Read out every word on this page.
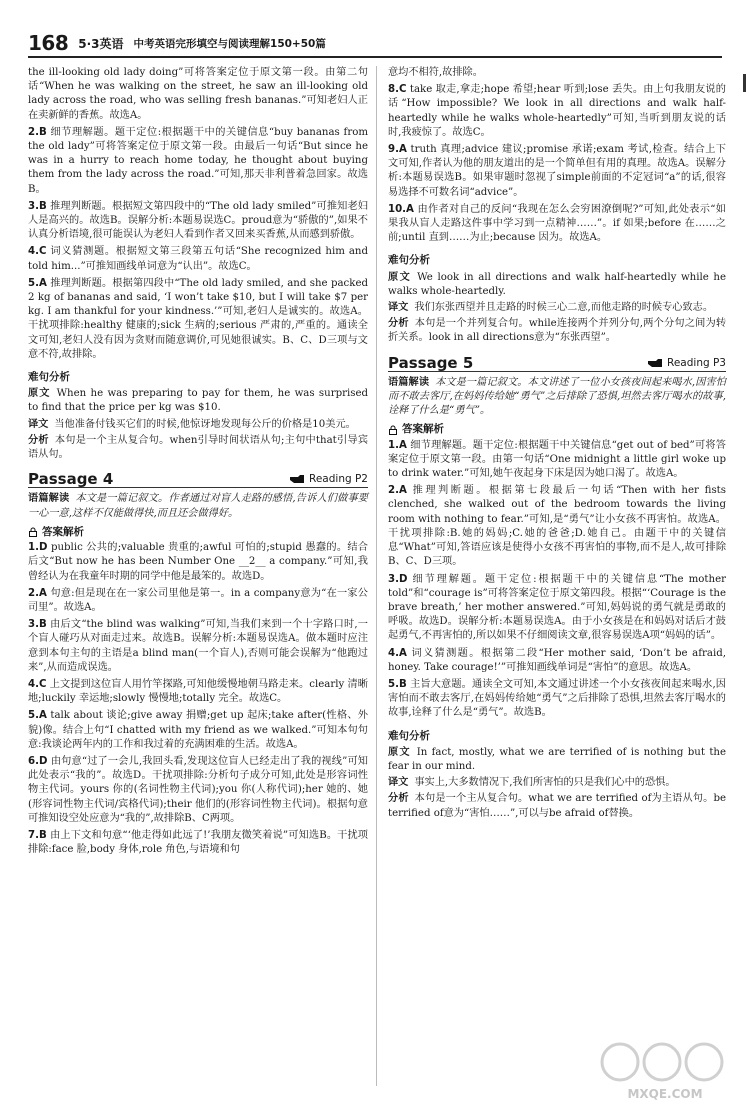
168 5·3英语 中考英语完形填空与阅读理解150+50篇

the ill-looking old lady doing”可将答案定位于原文第一段。由第二句话“When he was walking on the street, he saw an ill-looking old lady across the road, who was selling fresh bananas.”可知老妇人正在卖新鲜的香蕉。故选A。

2.B 细节理解题。题干定位:根据题干中的关键信息“buy bananas from the old lady”可将答案定位于原文第一段。由最后一句话“But since he was in a hurry to reach home today, he thought about buying them from the lady across the road.”可知,那天非利普着急回家。故选B。

3.B 推理判断题。根据短文第四段中的“The old lady smiled”可推知老妇人是高兴的。故选B。误解分析:本题易误选C。proud意为“骄傲的”,如果不认真分析语境,很可能误认为老妇人看到作者又回来买香蕉,从而感到骄傲。

4.C 词义猜测题。根据短文第三段第五句话“She recognized him and told him...”可推知画线单词意为“认出”。故选C。

5.A 推理判断题。根据第四段中“The old lady smiled, and she packed 2 kg of bananas and said, ‘I won’t take $10, but I will take $7 per kg. I am thankful for your kindness.’”可知,老妇人是诚实的。故选A。干扰项排除:healthy 健康的;sick 生病的;serious 严肃的,严重的。通读全文可知,老妇人没有因为贪财而随意调价,可见她很诚实。B、C、D三项与文意不符,故排除。

难句分析

原文 When he was preparing to pay for them, he was surprised to find that the price per kg was $10.

译文 当他准备付钱买它们的时候,他惊讶地发现每公斤的价格是10美元。

分析 本句是一个主从复合句。when引导时间状语从句;主句中that引导宾语从句。

Passage 4	Reading P2

语篇解读 本文是一篇记叙文。作者通过对盲人走路的感悟,告诉人们做事要一心一意,这样不仅能做得快,而且还会做得好。

答案解析

1.D public 公共的;valuable 贵重的;awful 可怕的;stupid 愚蠢的。结合后文“But now he has been Number One __2__ a company.”可知,我曾经认为在我童年时期的同学中他是最笨的。故选D。

2.A 句意:但是现在在一家公司里他是第一。in a company意为“在一家公司里”。故选A。

3.B 由后文“the blind was walking”可知,当我们来到一个十字路口时,一个盲人碰巧从对面走过来。故选B。误解分析:本题易误选A。做本题时应注意到本句主句的主语是a blind man(一个盲人),否则可能会误解为“他跑过来”,从而造成误选。

4.C 上文提到这位盲人用竹竿探路,可知他缓慢地朝马路走来。clearly 清晰地;luckily 幸运地;slowly 慢慢地;totally 完全。故选C。

5.A talk about 谈论;give away 捐赠;get up 起床;take after(性格、外貌)像。结合上句“I chatted with my friend as we walked.”可知本句句意:我谈论两年内的工作和我过着的充满困难的生活。故选A。

6.D 由句意“过了一会儿,我回头看,发现这位盲人已经走出了我的视线”可知此处表示“我的”。故选D。干扰项排除:分析句子成分可知,此处是形容词性物主代词。yours 你的(名词性物主代词);you 你(人称代词);her 她的、她(形容词性物主代词/宾格代词);their 他们的(形容词性物主代词)。根据句意可推知设空处应意为“我的”,故排除B、C两项。

7.B 由上下文和句意“‘他走得如此远了!’我朋友微笑着说”可知选B。干扰项排除:face 脸,body 身体,role 角色,与语境和句

意均不相符,故排除。

8.C take 取走,拿走;hope 希望;hear 听到;lose 丢失。由上句我朋友说的话“How impossible? We look in all directions and walk half-heartedly while he walks whole-heartedly”可知,当听到朋友说的话时,我疲惊了。故选C。

9.A truth 真理;advice 建议;promise 承诺;exam 考试,检查。结合上下文可知,作者认为他的朋友道出的是一个简单但有用的真理。故选A。误解分析:本题易误选B。如果审题时忽视了simple前面的不定冠词“a”的话,很容易选择不可数名词“advice”。

10.A 由作者对自己的反问“我现在怎么会穷困潦倒呢?”可知,此处表示“如果我从盲人走路这件事中学习到一点精神……”。if 如果;before 在……之前;until 直到……为止;because 因为。故选A。

难句分析

原文 We look in all directions and walk half-heartedly while he walks whole-heartedly.

译文 我们东张西望并且走路的时候三心二意,而他走路的时候专心致志。

分析 本句是一个并列复合句。while连接两个并列分句,两个分句之间为转折关系。look in all directions意为“东张西望”。

Passage 5	Reading P3

语篇解读 本文是一篇记叙文。本文讲述了一位小女孩夜间起来喝水,因害怕而不敢去客厅,在妈妈传给她“勇气”之后排除了恐惧,坦然去客厅喝水的故事,诠释了什么是“勇气”。

答案解析

1.A 细节理解题。题干定位:根据题干中关键信息“get out of bed”可将答案定位于原文第一段。由第一句话“One midnight a little girl woke up to drink water.”可知,她午夜起身下床是因为她口渴了。故选A。

2.A 推理判断题。根据第七段最后一句话“Then with her fists clenched, she walked out of the bedroom towards the living room with nothing to fear.”可知,是“勇气”让小女孩不再害怕。故选A。干扰项排除:B.她的妈妈;C.她的爸爸;D.她自己。由题干中的关键信息“What”可知,答语应该是使得小女孩不再害怕的事物,而不是人,故可排除B、C、D三项。

3.D 细节理解题。题干定位:根据题干中的关键信息“The mother told”和“courage is”可将答案定位于原文第四段。根据“‘Courage is the brave breath,’ her mother answered.”可知,妈妈说的勇气就是勇敢的呼吸。故选D。误解分析:本题易误选A。由于小女孩是在和妈妈对话后才鼓起勇气,不再害怕的,所以如果不仔细阅读文章,很容易误选A项“妈妈的话”。

4.A 词义猜测题。根据第二段“Her mother said, ‘Don’t be afraid, honey. Take courage!’”可推知画线单词是“害怕”的意思。故选A。

5.B 主旨大意题。通读全文可知,本文通过讲述一个小女孩夜间起来喝水,因害怕而不敢去客厅,在妈妈传给她“勇气”之后排除了恐惧,坦然去客厅喝水的故事,诠释了什么是“勇气”。故选B。

难句分析

原文 In fact, mostly, what we are terrified of is nothing but the fear in our mind.

译文 事实上,大多数情况下,我们所害怕的只是我们心中的恐惧。

分析 本句是一个主从复合句。what we are terrified of为主语从句。be terrified of意为“害怕……”,可以与be afraid of替换。

MXQE.COM
